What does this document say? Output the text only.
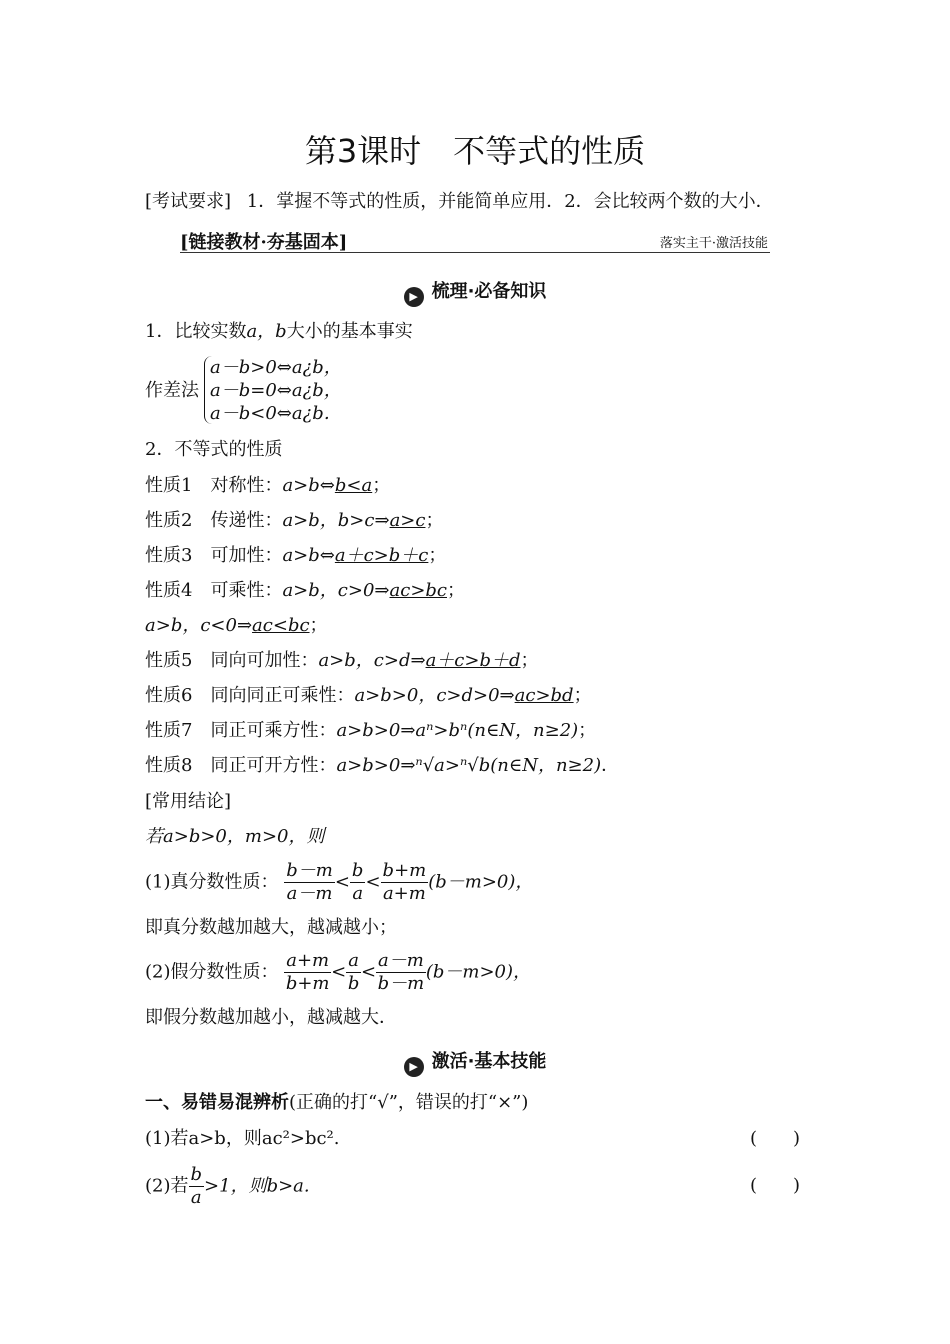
第3课时　不等式的性质
[考试要求] 1．掌握不等式的性质，并能简单应用．2．会比较两个数的大小．
[链接教材·夯基固本]	落实主干·激活技能
▶ 梳理·必备知识
1．比较实数a，b大小的基本事实
作差法
a－b>0⇔a¿b，
a－b=0⇔a¿b，
a－b<0⇔a¿b．
2．不等式的性质
性质1　对称性：a>b⇔b<a；
性质2　传递性：a>b，b>c⇒a>c；
性质3　可加性：a>b⇔a＋c>b＋c；
性质4　可乘性：a>b，c>0⇒ac>bc；
a>b，c<0⇒ac<bc；
性质5　同向可加性：a>b，c>d⇒a＋c>b＋d；
性质6　同向同正可乘性：a>b>0，c>d>0⇒ac>bd；
性质7　同正可乘方性：a>b>0⇒aⁿ>bⁿ(n∈N，n≥2)；
性质8　同正可开方性：a>b>0⇒ⁿ√a>ⁿ√b(n∈N，n≥2)．
[常用结论]
若a>b>0，m>0，则
(1)真分数性质： $\frac{b-m}{a-m} < \frac{b}{a} < \frac{b+m}{a+m} (b-m>0)$，
即真分数越加越大，越减越小；
(2)假分数性质： $\frac{a+m}{b+m} < \frac{a}{b} < \frac{a-m}{b-m} (b-m>0)$，
即假分数越加越小，越减越大．
▶ 激活·基本技能
一、易错易混辨析(正确的打“√”，错误的打“×”)
(1)若a>b，则ac²>bc².	(　　)
(2)若 $\frac{b}{a} >1$，则b>a.	(　　)
